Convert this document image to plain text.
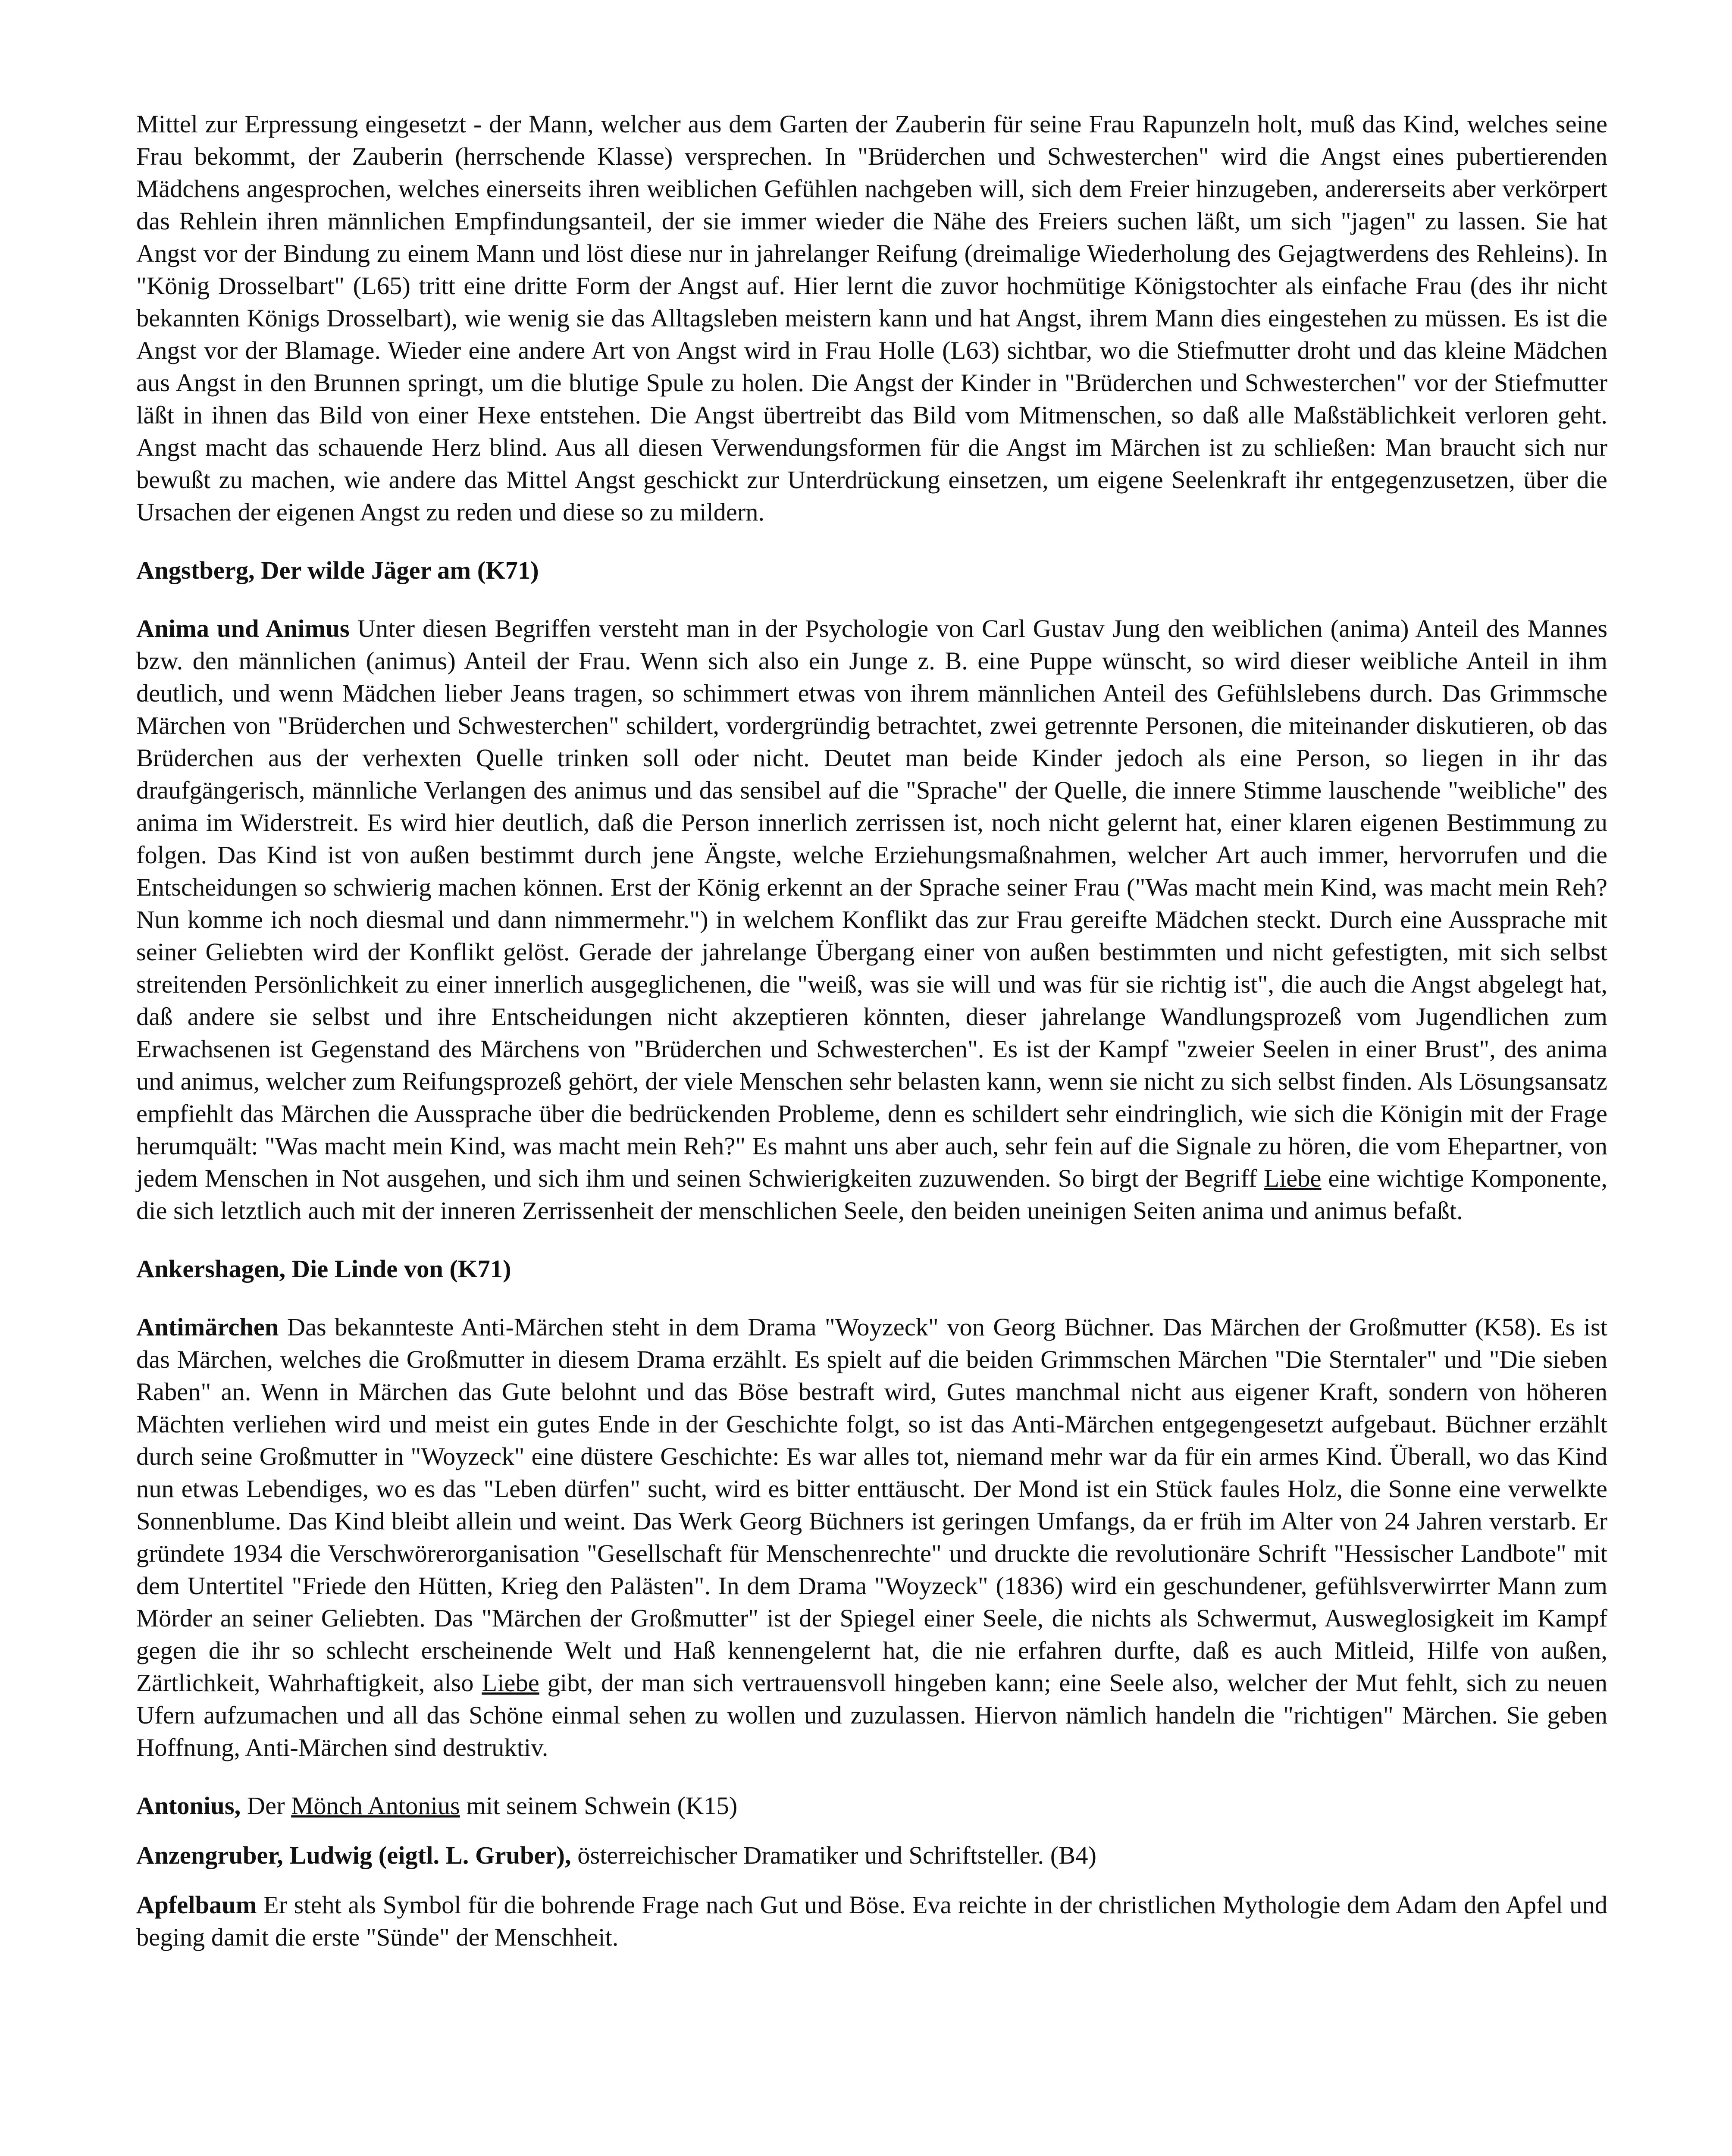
Mittel zur Erpressung eingesetzt - der Mann, welcher aus dem Garten der Zauberin für seine Frau Rapunzeln holt, muß das Kind, welches seine Frau bekommt, der Zauberin (herrschende Klasse) versprechen. In "Brüderchen und Schwesterchen" wird die Angst eines pubertierenden Mädchens angesprochen, welches einerseits ihren weiblichen Gefühlen nachgeben will, sich dem Freier hinzugeben, andererseits aber verkörpert das Rehlein ihren männlichen Empfindungsanteil, der sie immer wieder die Nähe des Freiers suchen läßt, um sich "jagen" zu lassen. Sie hat Angst vor der Bindung zu einem Mann und löst diese nur in jahrelanger Reifung (dreimalige Wiederholung des Gejagtwerdens des Rehleins). In "König Drosselbart" (L65) tritt eine dritte Form der Angst auf. Hier lernt die zuvor hochmütige Königstochter als einfache Frau (des ihr nicht bekannten Königs Drosselbart), wie wenig sie das Alltagsleben meistern kann und hat Angst, ihrem Mann dies eingestehen zu müssen. Es ist die Angst vor der Blamage. Wieder eine andere Art von Angst wird in Frau Holle (L63) sichtbar, wo die Stiefmutter droht und das kleine Mädchen aus Angst in den Brunnen springt, um die blutige Spule zu holen. Die Angst der Kinder in "Brüderchen und Schwesterchen" vor der Stiefmutter läßt in ihnen das Bild von einer Hexe entstehen. Die Angst übertreibt das Bild vom Mitmenschen, so daß alle Maßstäblichkeit verloren geht. Angst macht das schauende Herz blind. Aus all diesen Verwendungsformen für die Angst im Märchen ist zu schließen: Man braucht sich nur bewußt zu machen, wie andere das Mittel Angst geschickt zur Unterdrückung einsetzen, um eigene Seelenkraft ihr entgegenzusetzen, über die Ursachen der eigenen Angst zu reden und diese so zu mildern.

Angstberg, Der wilde Jäger am (K71)

Anima und Animus Unter diesen Begriffen versteht man in der Psychologie von Carl Gustav Jung den weiblichen (anima) Anteil des Mannes bzw. den männlichen (animus) Anteil der Frau. Wenn sich also ein Junge z. B. eine Puppe wünscht, so wird dieser weibliche Anteil in ihm deutlich, und wenn Mädchen lieber Jeans tragen, so schimmert etwas von ihrem männlichen Anteil des Gefühlslebens durch. Das Grimmsche Märchen von "Brüderchen und Schwesterchen" schildert, vordergründig betrachtet, zwei getrennte Personen, die miteinander diskutieren, ob das Brüderchen aus der verhexten Quelle trinken soll oder nicht. Deutet man beide Kinder jedoch als eine Person, so liegen in ihr das draufgängerisch, männliche Verlangen des animus und das sensibel auf die "Sprache" der Quelle, die innere Stimme lauschende "weibliche" des anima im Widerstreit. Es wird hier deutlich, daß die Person innerlich zerrissen ist, noch nicht gelernt hat, einer klaren eigenen Bestimmung zu folgen. Das Kind ist von außen bestimmt durch jene Ängste, welche Erziehungsmaßnahmen, welcher Art auch immer, hervorrufen und die Entscheidungen so schwierig machen können. Erst der König erkennt an der Sprache seiner Frau ("Was macht mein Kind, was macht mein Reh? Nun komme ich noch diesmal und dann nimmermehr.") in welchem Konflikt das zur Frau gereifte Mädchen steckt. Durch eine Aussprache mit seiner Geliebten wird der Konflikt gelöst. Gerade der jahrelange Übergang einer von außen bestimmten und nicht gefestigten, mit sich selbst streitenden Persönlichkeit zu einer innerlich ausgeglichenen, die "weiß, was sie will und was für sie richtig ist", die auch die Angst abgelegt hat, daß andere sie selbst und ihre Entscheidungen nicht akzeptieren könnten, dieser jahrelange Wandlungsprozeß vom Jugendlichen zum Erwachsenen ist Gegenstand des Märchens von "Brüderchen und Schwesterchen". Es ist der Kampf "zweier Seelen in einer Brust", des anima und animus, welcher zum Reifungsprozeß gehört, der viele Menschen sehr belasten kann, wenn sie nicht zu sich selbst finden. Als Lösungsansatz empfiehlt das Märchen die Aussprache über die bedrückenden Probleme, denn es schildert sehr eindringlich, wie sich die Königin mit der Frage herumquält: "Was macht mein Kind, was macht mein Reh?" Es mahnt uns aber auch, sehr fein auf die Signale zu hören, die vom Ehepartner, von jedem Menschen in Not ausgehen, und sich ihm und seinen Schwierigkeiten zuzuwenden. So birgt der Begriff Liebe eine wichtige Komponente, die sich letztlich auch mit der inneren Zerrissenheit der menschlichen Seele, den beiden uneinigen Seiten anima und animus befaßt.

Ankershagen, Die Linde von (K71)

Antimärchen Das bekannteste Anti-Märchen steht in dem Drama "Woyzeck" von Georg Büchner. Das Märchen der Großmutter (K58). Es ist das Märchen, welches die Großmutter in diesem Drama erzählt. Es spielt auf die beiden Grimmschen Märchen "Die Sterntaler" und "Die sieben Raben" an. Wenn in Märchen das Gute belohnt und das Böse bestraft wird, Gutes manchmal nicht aus eigener Kraft, sondern von höheren Mächten verliehen wird und meist ein gutes Ende in der Geschichte folgt, so ist das Anti-Märchen entgegengesetzt aufgebaut. Büchner erzählt durch seine Großmutter in "Woyzeck" eine düstere Geschichte: Es war alles tot, niemand mehr war da für ein armes Kind. Überall, wo das Kind nun etwas Lebendiges, wo es das "Leben dürfen" sucht, wird es bitter enttäuscht. Der Mond ist ein Stück faules Holz, die Sonne eine verwelkte Sonnenblume. Das Kind bleibt allein und weint. Das Werk Georg Büchners ist geringen Umfangs, da er früh im Alter von 24 Jahren verstarb. Er gründete 1934 die Verschwörerorganisation "Gesellschaft für Menschenrechte" und druckte die revolutionäre Schrift "Hessischer Landbote" mit dem Untertitel "Friede den Hütten, Krieg den Palästen". In dem Drama "Woyzeck" (1836) wird ein geschundener, gefühlsverwirrter Mann zum Mörder an seiner Geliebten. Das "Märchen der Großmutter" ist der Spiegel einer Seele, die nichts als Schwermut, Ausweglosigkeit im Kampf gegen die ihr so schlecht erscheinende Welt und Haß kennengelernt hat, die nie erfahren durfte, daß es auch Mitleid, Hilfe von außen, Zärtlichkeit, Wahrhaftigkeit, also Liebe gibt, der man sich vertrauensvoll hingeben kann; eine Seele also, welcher der Mut fehlt, sich zu neuen Ufern aufzumachen und all das Schöne einmal sehen zu wollen und zuzulassen. Hiervon nämlich handeln die "richtigen" Märchen. Sie geben Hoffnung, Anti-Märchen sind destruktiv.

Antonius, Der Mönch Antonius mit seinem Schwein (K15)

Anzengruber, Ludwig (eigtl. L. Gruber), österreichischer Dramatiker und Schriftsteller. (B4)

Apfelbaum Er steht als Symbol für die bohrende Frage nach Gut und Böse. Eva reichte in der christlichen Mythologie dem Adam den Apfel und beging damit die erste "Sünde" der Menschheit.
